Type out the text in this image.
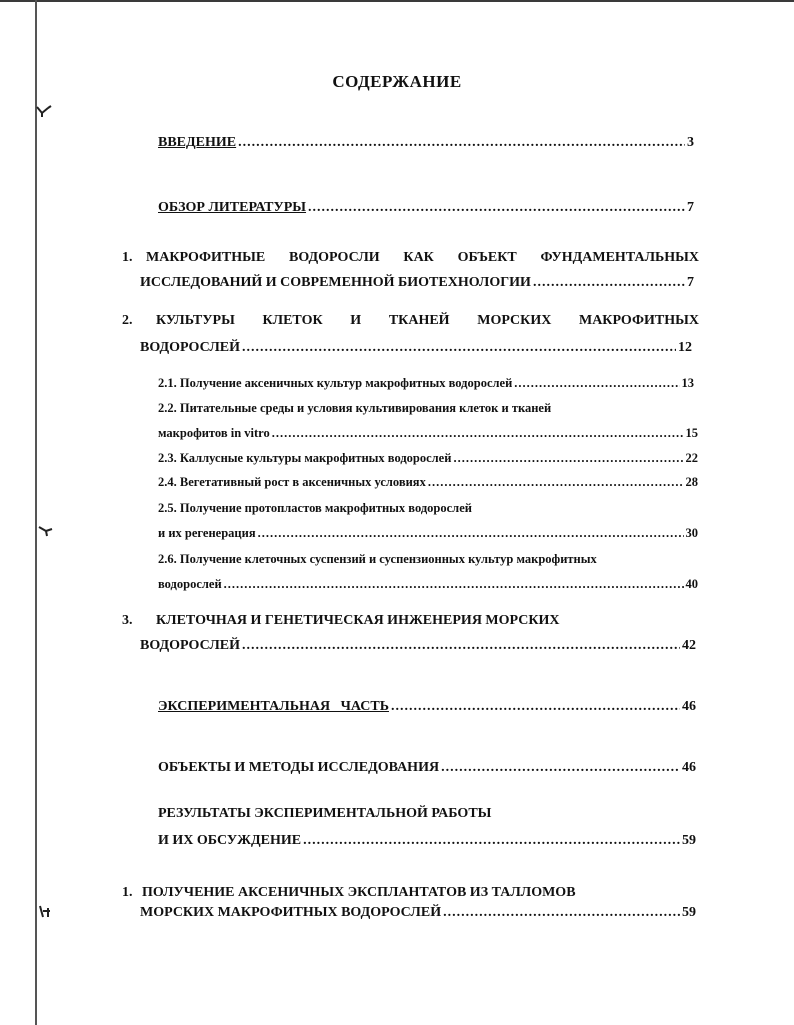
СОДЕРЖАНИЕ
ВВЕДЕНИЕ .....	3
ОБЗОР ЛИТЕРАТУРЫ .....	7
1. МАКРОФИТНЫЕ ВОДОРОСЛИ КАК ОБЪЕКТ ФУНДАМЕНТАЛЬНЫХ
ИССЛЕДОВАНИЙ И СОВРЕМЕННОЙ БИОТЕХНОЛОГИИ .....	7
2.	КУЛЬТУРЫ КЛЕТОК И ТКАНЕЙ МОРСКИХ МАКРОФИТНЫХ
ВОДОРОСЛЕЙ .....	12
2.1. Получение аксеничных культур макрофитных водорослей .....	13
2.2. Питательные среды и условия культивирования клеток и тканей
макрофитов in vitro .....	15
2.3. Каллусные культуры макрофитных водорослей .....	22
2.4. Вегетативный рост в аксеничных условиях .....	28
2.5. Получение протопластов макрофитных водорослей
и их регенерация .....	30
2.6. Получение клеточных суспензий и суспензионных культур макрофитных
водорослей .....	40
3.	КЛЕТОЧНАЯ И ГЕНЕТИЧЕСКАЯ ИНЖЕНЕРИЯ МОРСКИХ
ВОДОРОСЛЕЙ .....	42
ЭКСПЕРИМЕНТАЛЬНАЯ   ЧАСТЬ .....	46
ОБЪЕКТЫ И МЕТОДЫ ИССЛЕДОВАНИЯ .....	46
РЕЗУЛЬТАТЫ ЭКСПЕРИМЕНТАЛЬНОЙ РАБОТЫ
И ИХ ОБСУЖДЕНИЕ .....	59
1. ПОЛУЧЕНИЕ АКСЕНИЧНЫХ ЭКСПЛАНТАТОВ ИЗ ТАЛЛОМОВ
МОРСКИХ МАКРОФИТНЫХ ВОДОРОСЛЕЙ .....	59
